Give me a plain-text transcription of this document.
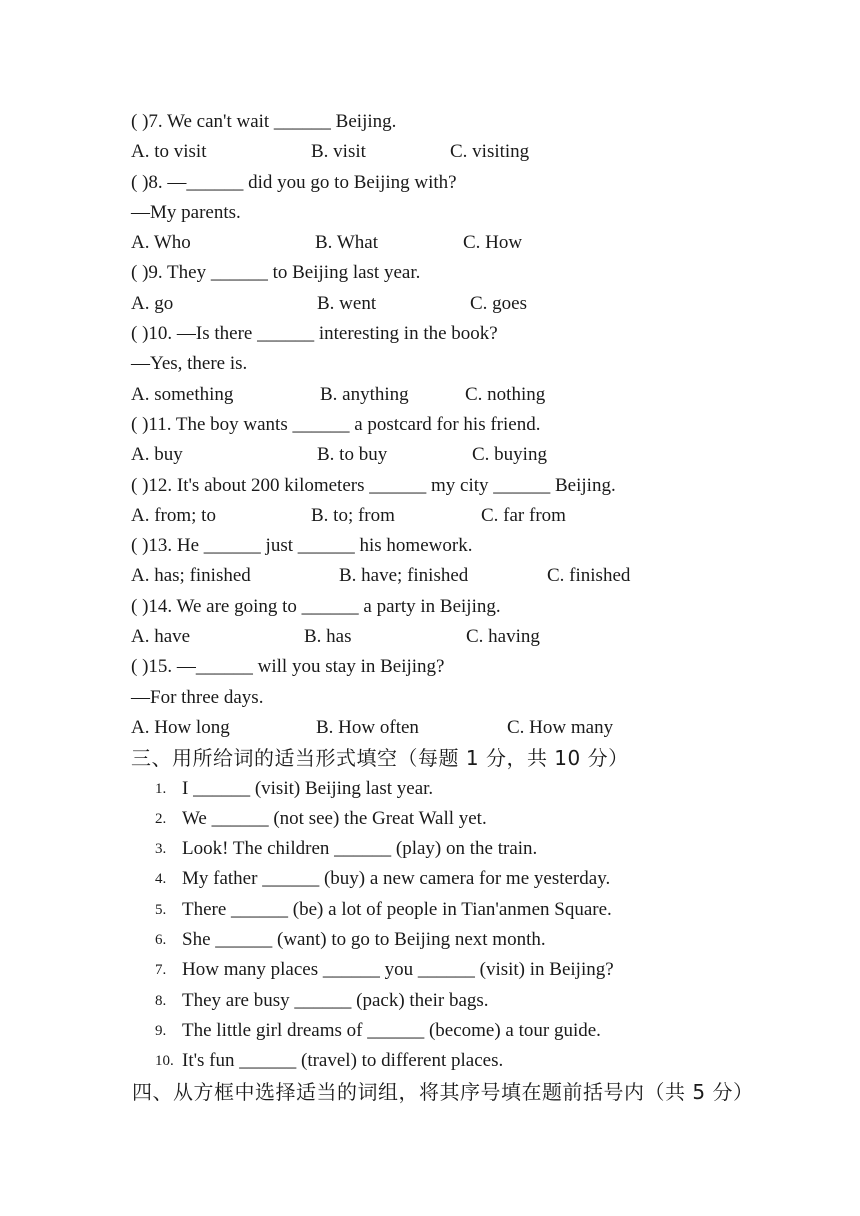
( )7. We can't wait ______ Beijing.
A. to visit	B. visit	C. visiting
( )8. —______ did you go to Beijing with?
—My parents.
A. Who	B. What	C. How
( )9. They ______ to Beijing last year.
A. go	B. went	C. goes
( )10. —Is there ______ interesting in the book?
—Yes, there is.
A. something	B. anything	C. nothing
( )11. The boy wants ______ a postcard for his friend.
A. buy	B. to buy	C. buying
( )12. It's about 200 kilometers ______ my city ______ Beijing.
A. from; to	B. to; from	C. far from
( )13. He ______ just ______ his homework.
A. has; finished	B. have; finished	C. finished
( )14. We are going to ______ a party in Beijing.
A. have	B. has	C. having
( )15. —______ will you stay in Beijing?
—For three days.
A. How long	B. How often	C. How many
三、用所给词的适当形式填空（每题 1 分，共 10 分）
1. I ______ (visit) Beijing last year.
2. We ______ (not see) the Great Wall yet.
3. Look! The children ______ (play) on the train.
4. My father ______ (buy) a new camera for me yesterday.
5. There ______ (be) a lot of people in Tian'anmen Square.
6. She ______ (want) to go to Beijing next month.
7. How many places ______ you ______ (visit) in Beijing?
8. They are busy ______ (pack) their bags.
9. The little girl dreams of ______ (become) a tour guide.
10. It's fun ______ (travel) to different places.
四、从方框中选择适当的词组，将其序号填在题前括号内（共 5 分）
